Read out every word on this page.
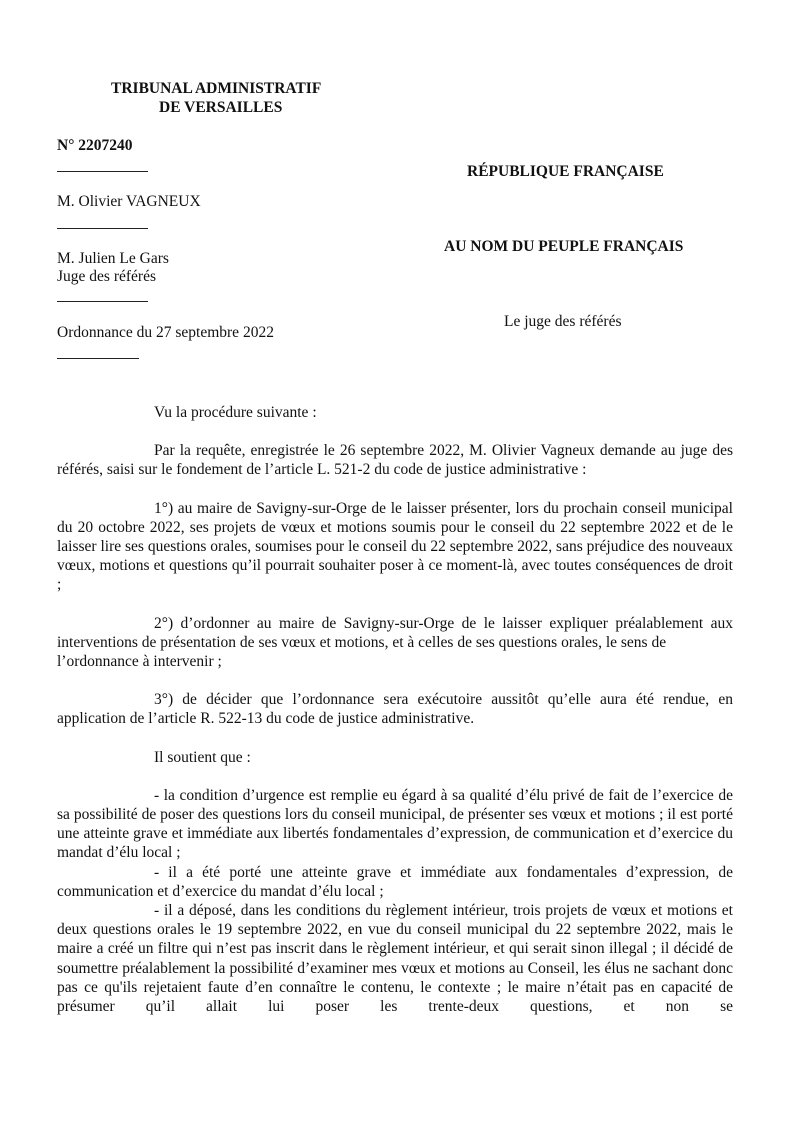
TRIBUNAL ADMINISTRATIF
DE VERSAILLES
N° 2207240
M. Olivier VAGNEUX
M. Julien Le Gars
Juge des référés
Ordonnance du 27 septembre 2022
RÉPUBLIQUE FRANÇAISE
AU NOM DU PEUPLE FRANÇAIS
Le juge des référés

Vu la procédure suivante :

Par la requête, enregistrée le 26 septembre 2022, M. Olivier Vagneux demande au juge des référés, saisi sur le fondement de l’article L. 521-2 du code de justice administrative :

1°) au maire de Savigny-sur-Orge de le laisser présenter, lors du prochain conseil municipal du 20 octobre 2022, ses projets de vœux et motions soumis pour le conseil du 22 septembre 2022 et de le laisser lire ses questions orales, soumises pour le conseil du 22 septembre 2022, sans préjudice des nouveaux vœux, motions et questions qu’il pourrait souhaiter poser à ce moment-là, avec toutes conséquences de droit ;

2°) d’ordonner au maire de Savigny-sur-Orge de le laisser expliquer préalablement aux interventions de présentation de ses vœux et motions, et à celles de ses questions orales, le sens de

l’ordonnance à intervenir ;

3°) de décider que l’ordonnance sera exécutoire aussitôt qu’elle aura été rendue, en application de l’article R. 522-13 du code de justice administrative.

Il soutient que :

- la condition d’urgence est remplie eu égard à sa qualité d’élu privé de fait de l’exercice de sa possibilité de poser des questions lors du conseil municipal, de présenter ses vœux et motions ; il est porté une atteinte grave et immédiate aux libertés fondamentales d’expression, de communication et d’exercice du mandat d’élu local ;

- il a été porté une atteinte grave et immédiate aux fondamentales d’expression, de communication et d’exercice du mandat d’élu local ;

- il a déposé, dans les conditions du règlement intérieur, trois projets de vœux et motions et deux questions orales le 19 septembre 2022, en vue du conseil municipal du 22 septembre 2022, mais le maire a créé un filtre qui n’est pas inscrit dans le règlement intérieur, et qui serait sinon illegal ; il décidé de soumettre préalablement la possibilité d’examiner mes vœux et motions au Conseil, les élus ne sachant donc pas ce qu'ils rejetaient faute d’en connaître le contenu, le contexte ; le maire n’était pas en capacité de présumer qu’il allait lui poser les trente-deux questions, et non se
